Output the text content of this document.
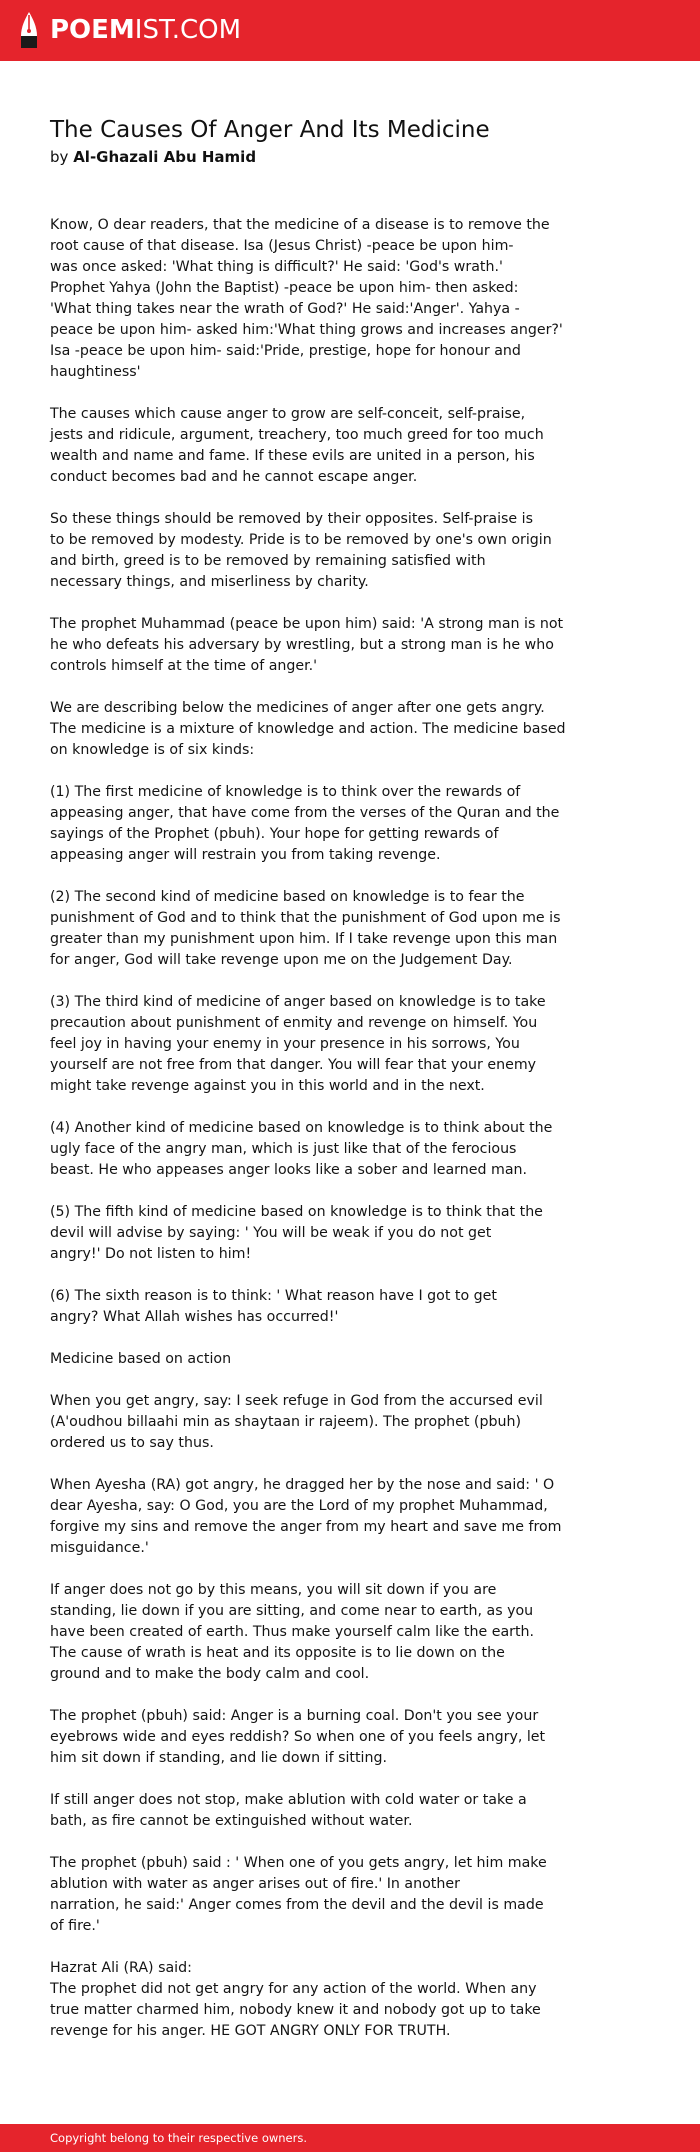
POEMIST.COM
The Causes Of Anger And Its Medicine

by Al-Ghazali Abu Hamid

Know, O dear readers, that the medicine of a disease is to remove the
root cause of that disease. Isa (Jesus Christ) -peace be upon him-
was once asked: 'What thing is difficult?' He said: 'God's wrath.'
Prophet Yahya (John the Baptist) -peace be upon him- then asked:
'What thing takes near the wrath of God?' He said:'Anger'. Yahya -
peace be upon him- asked him:'What thing grows and increases anger?'
Isa -peace be upon him- said:'Pride, prestige, hope for honour and
haughtiness'

The causes which cause anger to grow are self-conceit, self-praise,
jests and ridicule, argument, treachery, too much greed for too much
wealth and name and fame. If these evils are united in a person, his
conduct becomes bad and he cannot escape anger.

So these things should be removed by their opposites. Self-praise is
to be removed by modesty. Pride is to be removed by one's own origin
and birth, greed is to be removed by remaining satisfied with
necessary things, and miserliness by charity.

The prophet Muhammad (peace be upon him) said: 'A strong man is not
he who defeats his adversary by wrestling, but a strong man is he who
controls himself at the time of anger.'

We are describing below the medicines of anger after one gets angry.
The medicine is a mixture of knowledge and action. The medicine based
on knowledge is of six kinds:

(1) The first medicine of knowledge is to think over the rewards of
appeasing anger, that have come from the verses of the Quran and the
sayings of the Prophet (pbuh). Your hope for getting rewards of
appeasing anger will restrain you from taking revenge.

(2) The second kind of medicine based on knowledge is to fear the
punishment of God and to think that the punishment of God upon me is
greater than my punishment upon him. If I take revenge upon this man
for anger, God will take revenge upon me on the Judgement Day.

(3) The third kind of medicine of anger based on knowledge is to take
precaution about punishment of enmity and revenge on himself. You
feel joy in having your enemy in your presence in his sorrows, You
yourself are not free from that danger. You will fear that your enemy
might take revenge against you in this world and in the next.

(4) Another kind of medicine based on knowledge is to think about the
ugly face of the angry man, which is just like that of the ferocious
beast. He who appeases anger looks like a sober and learned man.

(5) The fifth kind of medicine based on knowledge is to think that the
devil will advise by saying: ' You will be weak if you do not get
angry!' Do not listen to him!

(6) The sixth reason is to think: ' What reason have I got to get
angry? What Allah wishes has occurred!'

Medicine based on action

When you get angry, say: I seek refuge in God from the accursed evil
(A'oudhou billaahi min as shaytaan ir rajeem). The prophet (pbuh)
ordered us to say thus.

When Ayesha (RA) got angry, he dragged her by the nose and said: ' O
dear Ayesha, say: O God, you are the Lord of my prophet Muhammad,
forgive my sins and remove the anger from my heart and save me from
misguidance.'

If anger does not go by this means, you will sit down if you are
standing, lie down if you are sitting, and come near to earth, as you
have been created of earth. Thus make yourself calm like the earth.
The cause of wrath is heat and its opposite is to lie down on the
ground and to make the body calm and cool.

The prophet (pbuh) said: Anger is a burning coal. Don't you see your
eyebrows wide and eyes reddish? So when one of you feels angry, let
him sit down if standing, and lie down if sitting.

If still anger does not stop, make ablution with cold water or take a
bath, as fire cannot be extinguished without water.

The prophet (pbuh) said : ' When one of you gets angry, let him make
ablution with water as anger arises out of fire.' In another
narration, he said:' Anger comes from the devil and the devil is made
of fire.'

Hazrat Ali (RA) said:
The prophet did not get angry for any action of the world. When any
true matter charmed him, nobody knew it and nobody got up to take
revenge for his anger. HE GOT ANGRY ONLY FOR TRUTH.

Copyright belong to their respective owners.
